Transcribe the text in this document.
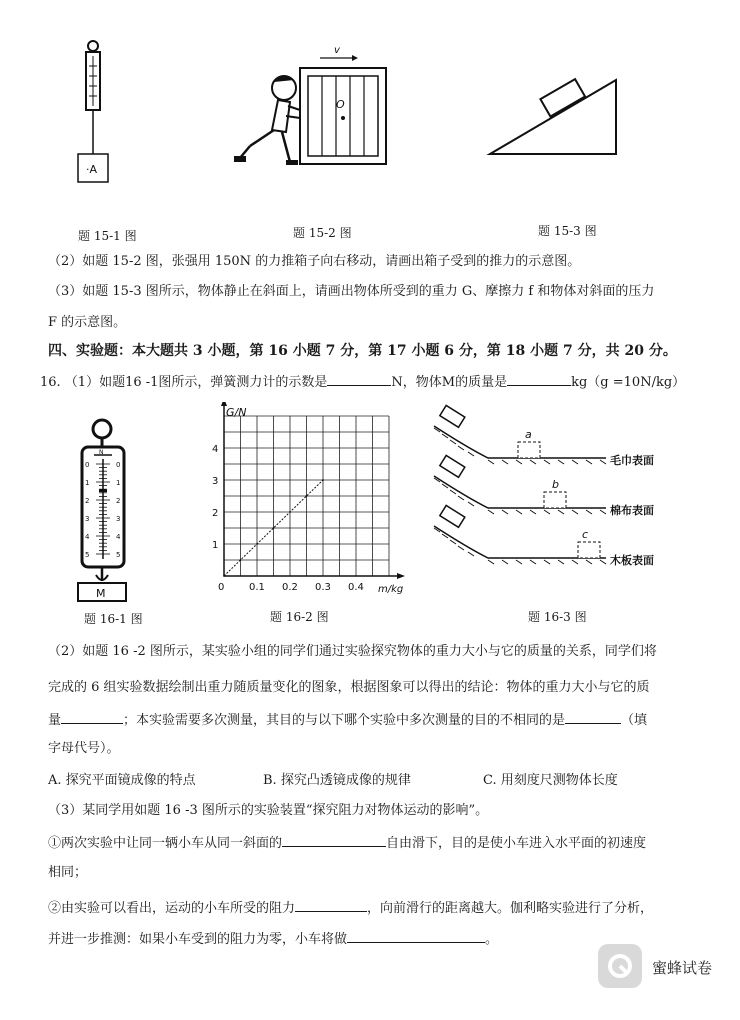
·A
v
O
题 15-1 图	题 15-2 图	题 15-3 图
（2）如题 15-2 图，张强用 150N 的力推箱子向右移动，请画出箱子受到的推力的示意图。
（3）如题 15-3 图所示，物体静止在斜面上，请画出物体所受到的重力 G、摩擦力 f 和物体对斜面的压力
F 的示意图。
四、实验题：本大题共 3 小题，第 16 小题 7 分，第 17 小题 6 分，第 18 小题 7 分，共 20 分。
16. （1）如题16 -1图所示，弹簧测力计的示数是	N，物体M的质量是	kg（g =10N/kg）
N
0
1
2
3
4
5
0
1
2
3
4
5
M	0 0.1 0.2 0.3 0.4
1
2
3
4
G/N
m/kg
a
毛巾表面
b
棉布表面
c
木板表面
题 16-1 图	题 16-2 图	题 16-3 图
（2）如题 16 -2 图所示，某实验小组的同学们通过实验探究物体的重力大小与它的质量的关系，同学们将
完成的 6 组实验数据绘制出重力随质量变化的图象，根据图象可以得出的结论：物体的重力大小与它的质
量	；本实验需要多次测量，其目的与以下哪个实验中多次测量的目的不相同的是	（填
字母代号）。
A. 探究平面镜成像的特点	B. 探究凸透镜成像的规律	C. 用刻度尺测物体长度
（3）某同学用如题 16 -3 图所示的实验装置“探究阻力对物体运动的影响”。
①两次实验中让同一辆小车从同一斜面的	自由滑下，目的是使小车进入水平面的初速度
相同；
②由实验可以看出，运动的小车所受的阻力	，向前滑行的距离越大。伽利略实验进行了分析，
并进一步推测：如果小车受到的阻力为零，小车将做	。
蜜蜂试卷
